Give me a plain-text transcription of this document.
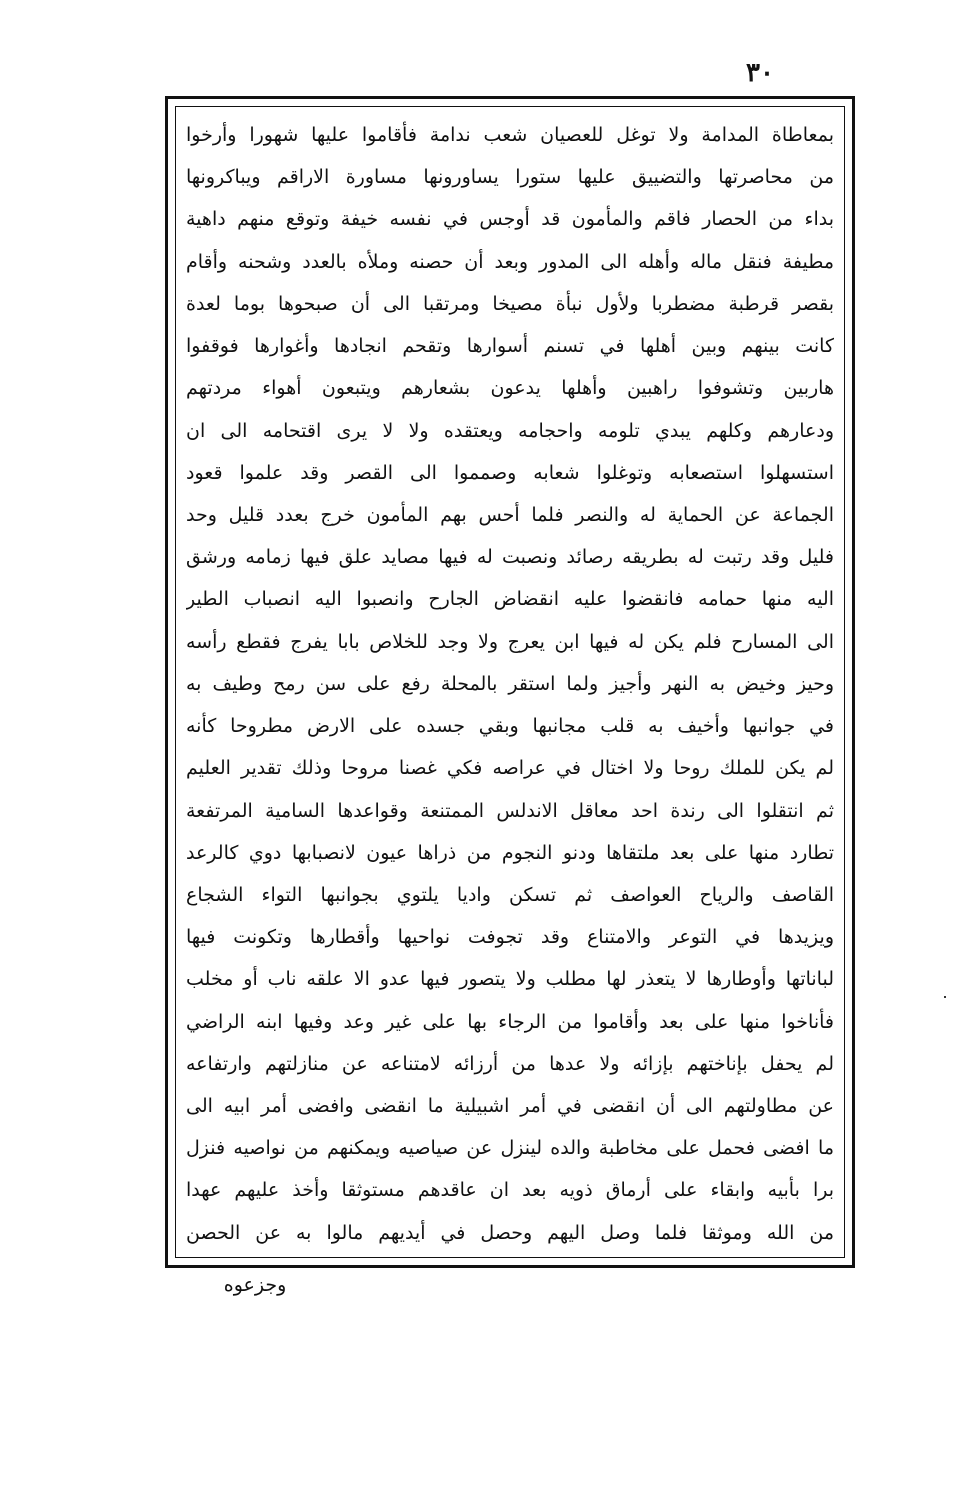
٣٠
بمعاطاة المدامة ولا توغل للعصيان شعب ندامة فأقاموا عليها شهورا وأرخوا
من محاصرتها والتضييق عليها ستورا يساورونها مساورة الاراقم ويباكرونها
بداء من الحصار فاقم والمأمون قد أوجس في نفسه خيفة وتوقع منهم داهية
مطيفة فنقل ماله وأهله الى المدور وبعد أن حصنه وملأه بالعدد وشحنه وأقام
بقصر قرطبة مضطربا ولأول نبأة مصيخا ومرتقبا الى أن صبحوها بوما لعدة
كانت بينهم وبين أهلها في تسنم أسوارها وتقحم انجادها وأغوارها فوقفوا
هاربين وتشوفوا راهبين وأهلها يدعون بشعارهم ويتبعون أهواء مردتهم
ودعارهم وكلهم يبدي تلومه واحجامه ويعتقده ولا لا يرى اقتحامه الى ان
استسهلوا استصعابه وتوغلوا شعابه وصمموا الى القصر وقد علموا قعود
الجماعة عن الحماية له والنصر فلما أحس بهم المأمون خرج بعدد قليل وحد
فليل وقد رتبت له بطريقه رصائد ونصبت له فيها مصايد علق فيها زمامه ورشق
اليه منها حمامه فانقضوا عليه انقضاض الجارح وانصبوا اليه انصباب الطير
الى المسارح فلم يكن له فيها ابن يعرج ولا وجد للخلاص بابا يفرج فقطع رأسه
وحيز وخيض به النهر وأجيز ولما استقر بالمحلة رفع على سن رمح وطيف به
في جوانبها وأخيف به قلب مجانبها وبقي جسده على الارض مطروحا كأنه
لم يكن للملك روحا ولا اختال في عراصه فكي غصنا مروحا وذلك تقدير العليم
ثم انتقلوا الى رندة احد معاقل الاندلس الممتنعة وقواعدها السامية المرتفعة
تطارد منها على بعد ملتقاها ودنو النجوم من ذراها عيون لانصبابها دوي كالرعد
القاصف والرياح العواصف ثم تسكن واديا يلتوي بجوانبها التواء الشجاع
ويزيدها في التوعر والامتناع وقد تجوفت نواحيها وأقطارها وتكونت فيها
لباناتها وأوطارها لا يتعذر لها مطلب ولا يتصور فيها عدو الا علقه ناب أو مخلب
فأناخوا منها على بعد وأقاموا من الرجاء بها على غير وعد وفيها ابنه الراضي
لم يحفل بإناختهم بإزائه ولا عدها من أرزائه لامتناعه عن منازلتهم وارتفاعه
عن مطاولتهم الى أن انقضى في أمر اشبيلية ما انقضى وافضى أمر ابيه الى
ما افضى فحمل على مخاطبة والده لينزل عن صياصيه ويمكنهم من نواصيه فنزل
برا بأبيه وابقاء على أرماق ذويه بعد ان عاقدهم مستوثقا وأخذ عليهم عهدا
من الله وموثقا فلما وصل اليهم وحصل في أيديهم مالوا به عن الحصن
وجزعوه
